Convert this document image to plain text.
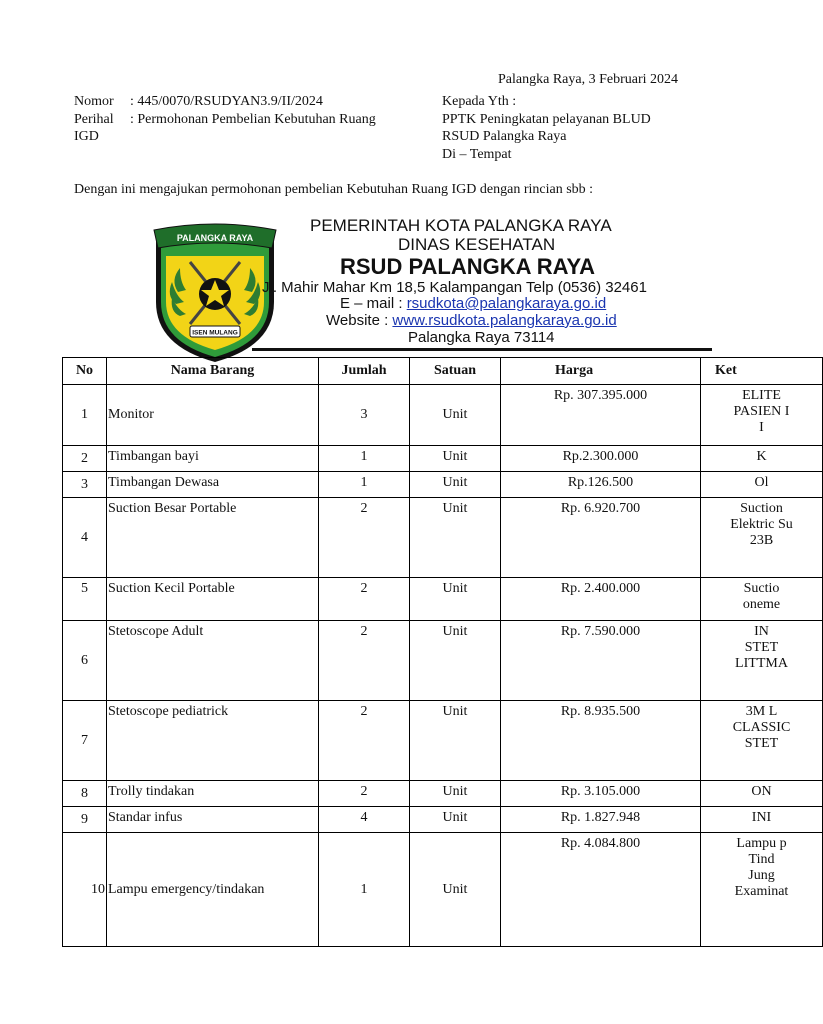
Palangka Raya, 3 Februari 2024
Nomor : 445/0070/RSUDYAN3.9/II/2024
Perihal : Permohonan Pembelian Kebutuhan Ruang
IGD
Kepada Yth :
PPTK Peningkatan pelayanan BLUD
RSUD Palangka Raya
Di – Tempat
Dengan ini mengajukan permohonan pembelian Kebutuhan Ruang IGD dengan rincian sbb :
PALANGKA RAYA
ISEN MULANG
PEMERINTAH KOTA PALANGKA RAYA
DINAS KESEHATAN
RSUD PALANGKA RAYA
Jl. Mahir Mahar Km 18,5 Kalampangan Telp (0536) 32461
E – mail : rsudkota@palangkaraya.go.id
Website : www.rsudkota.palangkaraya.go.id
Palangka Raya 73114
No	Nama Barang	Jumlah	Satuan	Harga	Ket
1	Monitor	3	Unit	Rp. 307.395.000	ELITE
PASIEN I
I
2	Timbangan bayi	1	Unit	Rp.2.300.000	K
3	Timbangan Dewasa	1	Unit	Rp.126.500	Ol
4	Suction Besar Portable	2	Unit	Rp. 6.920.700	Suction
Elektric Su
23B
5	Suction Kecil Portable	2	Unit	Rp. 2.400.000	Suctio
oneme
6	Stetoscope Adult	2	Unit	Rp. 7.590.000	IN
STET
LITTMA
7	Stetoscope pediatrick	2	Unit	Rp. 8.935.500	3M L
CLASSIC
STET
8	Trolly tindakan	2	Unit	Rp. 3.105.000	ON
9	Standar infus	4	Unit	Rp. 1.827.948	INI
10	Lampu emergency/tindakan	1	Unit	Rp. 4.084.800	Lampu p
Tind
Jung
Examinat
